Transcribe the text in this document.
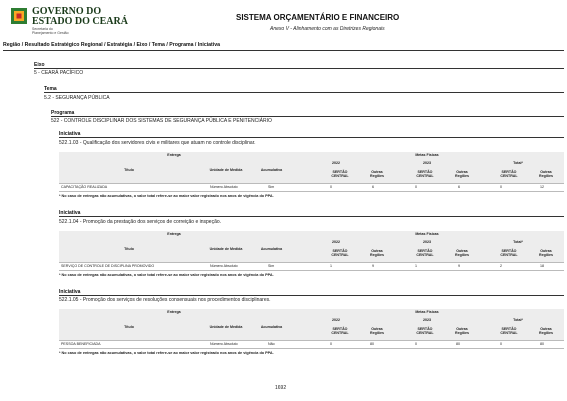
GOVERNO DO
ESTADO DO CEARÁ
Secretaria do Planejamento e Gestão
SISTEMA ORÇAMENTÁRIO E FINANCEIRO
Anexo V - Alinhamento com as Diretrizes Regionais
Região / Resultado Estratégico Regional / Estratégia / Eixo / Tema / Programa / Iniciativa
Eixo
5 - CEARÁ PACÍFICO
Tema
5.2 - SEGURANÇA PÚBLICA
Programa
522 - CONTROLE DISCIPLINAR DOS SISTEMAS DE SEGURANÇA PÚBLICA E PENITENCIÁRIO
Iniciativa
522.1.03 - Qualificação dos servidores civis e militares que atuam no controle disciplinar.
Entrega	Metas Físicas
Título	Unidade de Medida	Acumulativa
2022	2023	Total*
SERTÃO
CENTRAL
Outras
Regiões
SERTÃO
CENTRAL
Outras
Regiões
SERTÃO
CENTRAL
Outras
Regiões
CAPACITAÇÃO REALIZADA	Número Absoluto	Sim	0	6	0	6	0	12
* No caso de entregas não acumulativas, o valor total refere-se ao maior valor registrado nos anos de vigência do PPA.
Iniciativa
522.1.04 - Promoção da prestação dos serviços de correição e inspeção.
Entrega	Metas Físicas
Título	Unidade de Medida	Acumulativa
2022	2023	Total*
SERTÃO
CENTRAL
Outras
Regiões
SERTÃO
CENTRAL
Outras
Regiões
SERTÃO
CENTRAL
Outras
Regiões
SERVIÇO DE CONTROLE DE DISCIPLINA PROMOVIDO	Número Absoluto	Sim	1	9	1	9	2	18
* No caso de entregas não acumulativas, o valor total refere-se ao maior valor registrado nos anos de vigência do PPA.
Iniciativa
522.1.05 - Promoção dos serviços de resoluções consensuais nos procedimentos disciplinares.
Entrega	Metas Físicas
Título	Unidade de Medida	Acumulativa
2022	2023	Total*
SERTÃO
CENTRAL
Outras
Regiões
SERTÃO
CENTRAL
Outras
Regiões
SERTÃO
CENTRAL
Outras
Regiões
PESSOA BENEFICIADA	Número Absoluto	Não	0	80	0	80	0	80
* No caso de entregas não acumulativas, o valor total refere-se ao maior valor registrado nos anos de vigência do PPA.
1692
